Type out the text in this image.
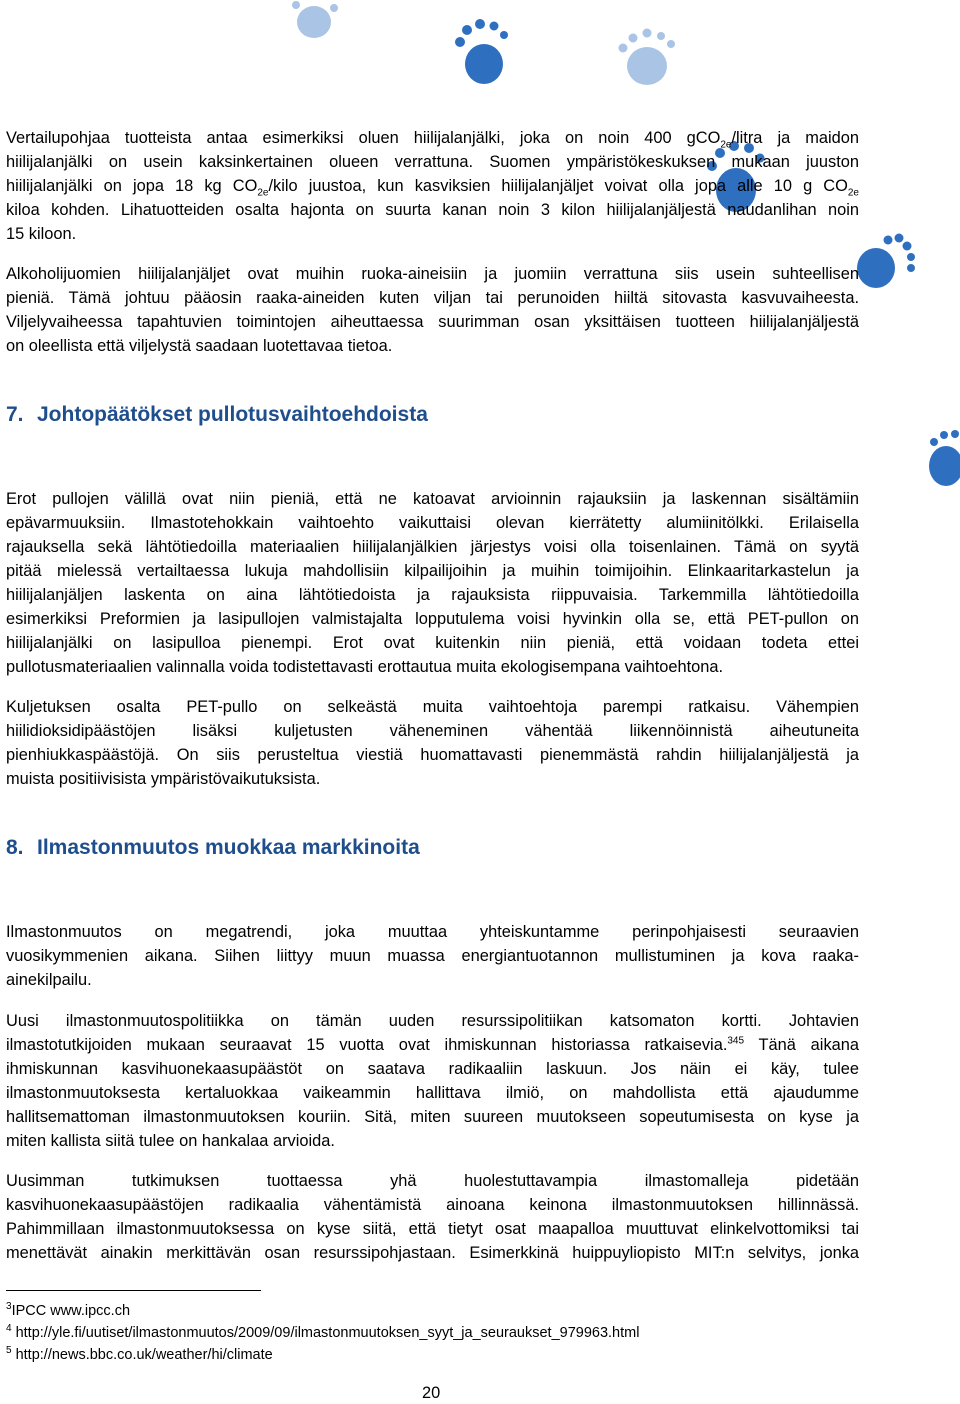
Vertailupohjaa tuotteista antaa esimerkiksi oluen hiilijalanjälki, joka on noin 400 gCO$_{2e}$/litra ja maidon
hiilijalanjälki on usein kaksinkertainen olueen verrattuna. Suomen ympäristökeskuksen mukaan juuston
hiilijalanjälki on jopa 18 kg $CO_{2e}$/kilo juustoa, kun kasviksien hiilijalanjäljet voivat olla jopa alle 10 g $CO_{2e}$
kiloa kohden. Lihatuotteiden osalta hajonta on suurta kanan noin 3 kilon hiilijalanjäljestä naudanlihan noin
15 kiloon.
Alkoholijuomien hiilijalanjäljet ovat muihin ruoka-aineisiin ja juomiin verrattuna siis usein suhteellisen
pieniä. Tämä johtuu pääosin raaka-aineiden kuten viljan tai perunoiden hiiltä sitovasta kasvuvaiheesta.
Viljelyvaiheessa tapahtuvien toimintojen aiheuttaessa suurimman osan yksittäisen tuotteen hiilijalanjäljestä
on oleellista että viljelystä saadaan luotettavaa tietoa.
7. Johtopäätökset pullotusvaihtoehdoista
Erot pullojen välillä ovat niin pieniä, että ne katoavat arvioinnin rajauksiin ja laskennan sisältämiin
epävarmuuksiin. Ilmastotehokkain vaihtoehto vaikuttaisi olevan kierrätetty alumiinitölkki. Erilaisella
rajauksella sekä lähtötiedoilla materiaalien hiilijalanjälkien järjestys voisi olla toisenlainen. Tämä on syytä
pitää mielessä vertailtaessa lukuja mahdollisiin kilpailijoihin ja muihin toimijoihin. Elinkaaritarkastelun ja
hiilijalanjäljen laskenta on aina lähtötiedoista ja rajauksista riippuvaisia. Tarkemmilla lähtötiedoilla
esimerkiksi Preformien ja lasipullojen valmistajalta lopputulema voisi hyvinkin olla se, että PET-pullon on
hiilijalanjälki on lasipulloa pienempi. Erot ovat kuitenkin niin pieniä, että voidaan todeta ettei
pullotusmateriaalien valinnalla voida todistettavasti erottautua muita ekologisempana vaihtoehtona.
Kuljetuksen osalta PET-pullo on selkeästä muita vaihtoehtoja parempi ratkaisu. Vähempien
hiilidioksidipäästöjen lisäksi kuljetusten väheneminen vähentää liikennöinnistä aiheutuneita
pienhiukkaspäästöjä. On siis perusteltua viestiä huomattavasti pienemmästä rahdin hiilijalanjäljestä ja
muista positiivisista ympäristövaikutuksista.
8. Ilmastonmuutos muokkaa markkinoita
Ilmastonmuutos on megatrendi, joka muuttaa yhteiskuntamme perinpohjaisesti seuraavien
vuosikymmenien aikana. Siihen liittyy muun muassa energiantuotannon mullistuminen ja kova raaka-
ainekilpailu.
Uusi ilmastonmuutospolitiikka on tämän uuden resurssipolitiikan katsomaton kortti. Johtavien
ilmastotutkijoiden mukaan seuraavat 15 vuotta ovat ihmiskunnan historiassa ratkaisevia.$^{345}$ Tänä aikana
ihmiskunnan kasvihuonekaasupäästöt on saatava radikaaliin laskuun. Jos näin ei käy, tulee
ilmastonmuutoksesta kertaluokkaa vaikeammin hallittava ilmiö, on mahdollista että ajaudumme
hallitsemattoman ilmastonmuutoksen kouriin. Sitä, miten suureen muutokseen sopeutumisesta on kyse ja
miten kallista siitä tulee on hankalaa arvioida.
Uusimman tutkimuksen tuottaessa yhä huolestuttavampia ilmastomalleja pidetään
kasvihuonekaasupäästöjen radikaalia vähentämistä ainoana keinona ilmastonmuutoksen hillinnässä.
Pahimmillaan ilmastonmuutoksessa on kyse siitä, että tietyt osat maapalloa muuttuvat elinkelvottomiksi tai
menettävät ainakin merkittävän osan resurssipohjastaan. Esimerkkinä huippuyliopisto MIT:n selvitys, jonka
$^3$IPCC www.ipcc.ch
$^4$ http://yle.fi/uutiset/ilmastonmuutos/2009/09/ilmastonmuutoksen_syyt_ja_seuraukset_979963.html
$^5$ http://news.bbc.co.uk/weather/hi/climate
20
